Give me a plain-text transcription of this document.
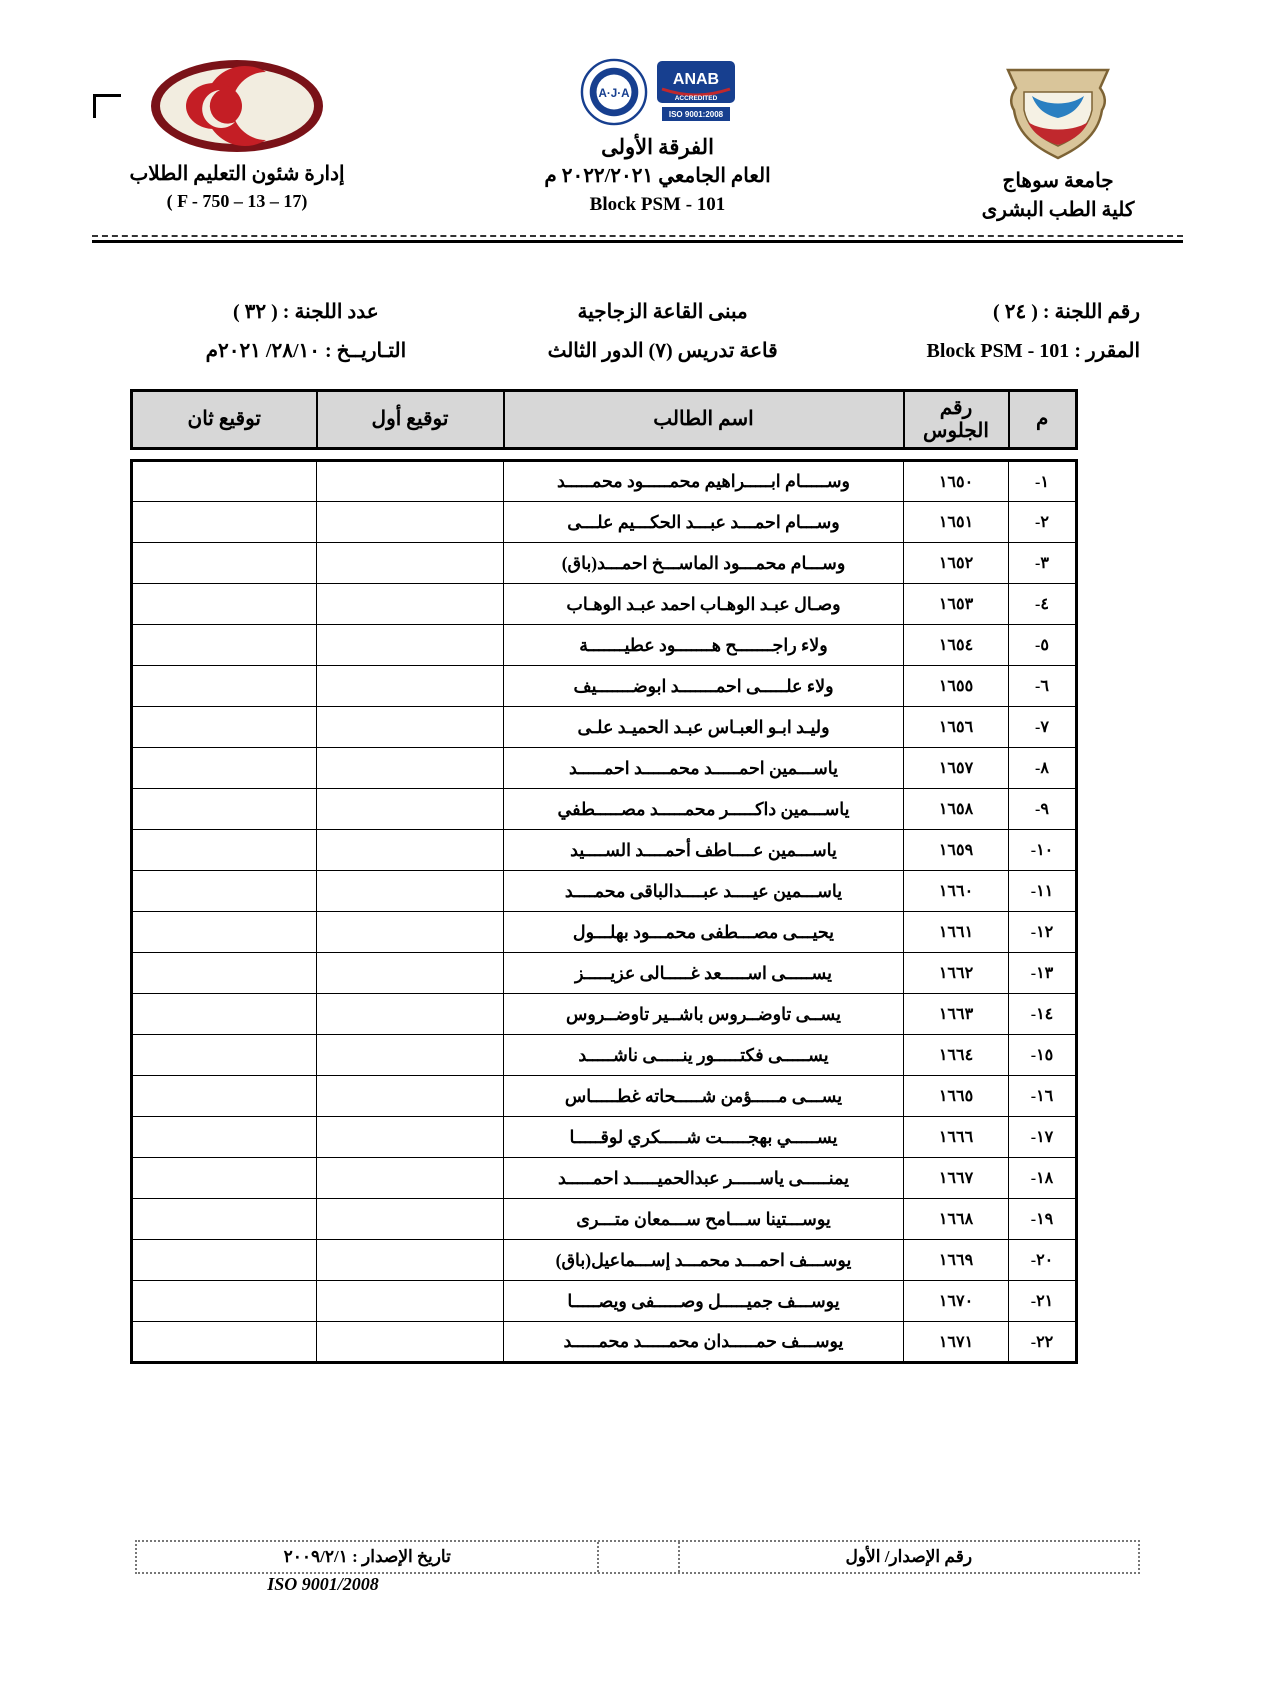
جامعة سوهاج
كلية الطب البشرى
ANAB
ACCREDITED
ISO 9001:2008
A·J·A
الفرقة الأولى
العام الجامعي ٢٠٢٢/٢٠٢١ م
Block PSM - 101
إدارة شئون التعليم الطلاب
( F - 750 – 13 – 17)
رقم اللجنة : ( ٢٤ )
مبنى القاعة الزجاجية
عدد اللجنة : ( ٣٢ )
المقرر : Block PSM - 101
قاعة تدريس (٧) الدور الثالث
التـاريــخ : ٢٨/١٠/ ٢٠٢١م
م	رقم الجلوس	اسم الطالب	توقيع أول	توقيع ثان
١-	١٦٥٠	وســـــام ابـــــراهيم محمـــــود محمـــــد		
٢-	١٦٥١	وســـام احمـــد عبـــد الحكـــيم علـــى		
٣-	١٦٥٢	وســـام محمـــود الماســـخ احمـــد(باق)		
٤-	١٦٥٣	وصـال عبـد الوهـاب احمد عبـد الوهـاب		
٥-	١٦٥٤	ولاء راجـــــــح هـــــــود عطيـــــــة		
٦-	١٦٥٥	ولاء علـــــى احمـــــــد ابوضـــــــيف		
٧-	١٦٥٦	وليـد ابـو العبـاس عبـد الحميـد علـى		
٨-	١٦٥٧	ياســـمين احمـــــد محمـــــد احمـــــد		
٩-	١٦٥٨	ياســـمين داكـــــر محمـــــد مصـــــطفي		
١٠-	١٦٥٩	ياســـمين عــــاطف أحمــــد الســــيد		
١١-	١٦٦٠	ياســـمين عيــــد عبــــدالباقى محمــــد		
١٢-	١٦٦١	يحيـــى مصـــطفى محمـــود بهلـــول		
١٣-	١٦٦٢	يســـــى اســـــعد غـــــالى عزيـــــز		
١٤-	١٦٦٣	يســى تاوضــروس باشــير تاوضــروس		
١٥-	١٦٦٤	يســـــى فكتـــــور ينـــــى ناشـــــد		
١٦-	١٦٦٥	يســـى مـــــؤمن شـــــحاته غطـــــاس		
١٧-	١٦٦٦	يســـــي بهجـــــت شـــــكري لوقـــــا		
١٨-	١٦٦٧	يمنـــــى ياســـــر عبدالحميـــــد احمـــــد		
١٩-	١٦٦٨	يوســـتينا ســـامح ســـمعان متـــرى		
٢٠-	١٦٦٩	يوســـف احمـــد محمـــد إســـماعيل(باق)		
٢١-	١٦٧٠	يوســـف جميـــــل وصـــــفى ويصـــــا		
٢٢-	١٦٧١	يوســـف حمـــــدان محمـــــد محمـــــد		
رقم الإصدار/ الأول
تاريخ الإصدار : ٢٠٠٩/٢/١
ISO 9001/2008
